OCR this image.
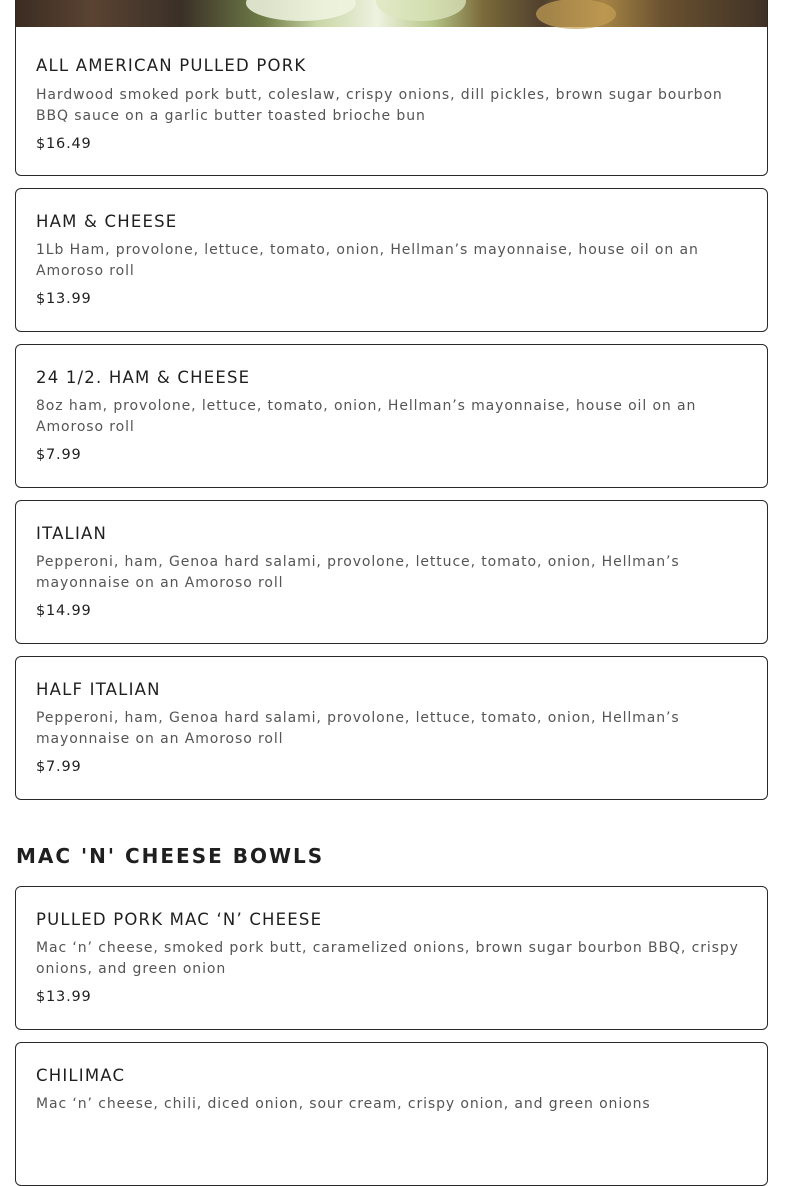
ALL AMERICAN PULLED PORK
Hardwood smoked pork butt, coleslaw, crispy onions, dill pickles, brown sugar bourbon BBQ sauce on a garlic butter toasted brioche bun
$16.49
HAM & CHEESE
1Lb Ham, provolone, lettuce, tomato, onion, Hellman’s mayonnaise, house oil on an Amoroso roll
$13.99
24 1/2. HAM & CHEESE
8oz ham, provolone, lettuce, tomato, onion, Hellman’s mayonnaise, house oil on an Amoroso roll
$7.99
ITALIAN
Pepperoni, ham, Genoa hard salami, provolone, lettuce, tomato, onion, Hellman’s mayonnaise on an Amoroso roll
$14.99
HALF ITALIAN
Pepperoni, ham, Genoa hard salami, provolone, lettuce, tomato, onion, Hellman’s mayonnaise on an Amoroso roll
$7.99
MAC 'N' CHEESE BOWLS
PULLED PORK MAC ‘N’ CHEESE
Mac ‘n’ cheese, smoked pork butt, caramelized onions, brown sugar bourbon BBQ, crispy onions, and green onion
$13.99
CHILIMAC
Mac ‘n’ cheese, chili, diced onion, sour cream, crispy onion, and green onions
